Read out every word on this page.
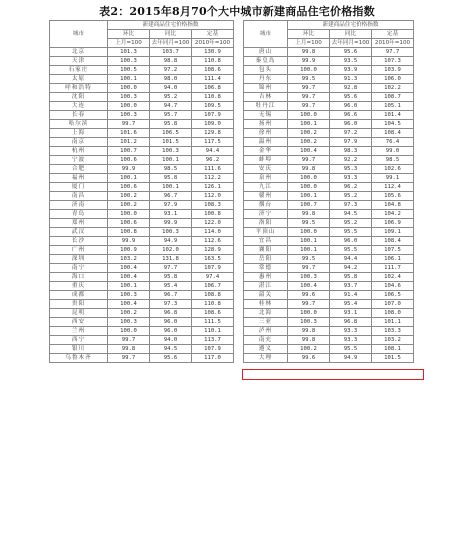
表2：2015年8月70个大中城市新建商品住宅价格指数
城市	新建商品住宅价格指数		
	环比	同比	定基
	上月=100	去年同月=100	2010年=100
北京	101.3	103.7	130.9
天津	100.3	98.8	110.8
石家庄	100.5	97.2	108.6
太原	100.1	98.0	111.4
呼和浩特	100.0	94.0	106.8
沈阳	100.3	95.2	110.8
大连	100.0	94.7	109.5
长春	100.3	95.7	107.9
哈尔滨	99.7	95.8	109.0
上海	101.6	106.5	129.8
南京	101.2	101.5	117.5
杭州	100.7	100.3	94.4
宁波	100.6	100.1	96.2
合肥	99.9	98.5	111.6
福州	100.1	95.8	112.2
厦门	100.6	100.1	126.1
南昌	100.2	96.7	112.0
济南	100.2	97.9	108.3
青岛	100.0	93.1	100.8
郑州	100.6	99.9	122.0
武汉	100.8	100.3	114.0
长沙	99.9	94.9	112.6
广州	100.9	102.0	128.9
深圳	103.2	131.8	163.5
南宁	100.4	97.7	107.9
海口	100.4	95.8	97.4
重庆	100.1	95.4	106.7
成都	100.3	96.7	108.8
贵阳	100.4	97.3	110.8
昆明	100.2	96.8	108.6
西安	100.3	96.0	111.5
兰州	100.0	96.0	110.1
西宁	99.7	94.0	113.7
银川	99.8	94.5	107.9
乌鲁木齐	99.7	95.6	117.0
城市	新建商品住宅价格指数		
	环比	同比	定基
	上月=100	去年同月=100	2010年=100
唐山	99.8	95.6	97.7
秦皇岛	99.9	93.5	107.3
包头	100.0	93.9	103.9
丹东	99.5	91.3	106.0
锦州	99.7	92.8	102.2
吉林	99.7	95.6	108.7
牡丹江	99.7	96.0	105.1
无锡	100.0	96.6	101.4
扬州	100.1	96.0	104.5
徐州	100.2	97.2	108.4
温州	100.2	97.9	76.4
金华	100.4	98.3	99.0
蚌埠	99.7	92.2	98.5
安庆	99.8	95.3	102.6
泉州	100.0	93.3	99.1
九江	100.0	96.2	112.4
赣州	100.1	95.2	105.6
烟台	100.7	97.3	104.8
济宁	99.8	94.5	104.2
洛阳	99.5	95.2	106.9
平顶山	100.0	95.5	109.1
宜昌	100.1	96.0	108.4
襄阳	100.1	95.5	107.5
岳阳	99.5	94.4	106.1
常德	99.7	94.2	111.7
惠州	100.3	95.8	102.4
湛江	100.4	93.7	104.6
韶关	99.6	91.4	106.5
桂林	99.7	95.4	107.0
北海	100.0	93.1	108.0
三亚	100.3	96.8	101.1
泸州	99.8	93.3	103.3
南充	99.8	93.3	103.2
遵义	100.2	95.5	108.1
大理	99.6	94.9	101.5
